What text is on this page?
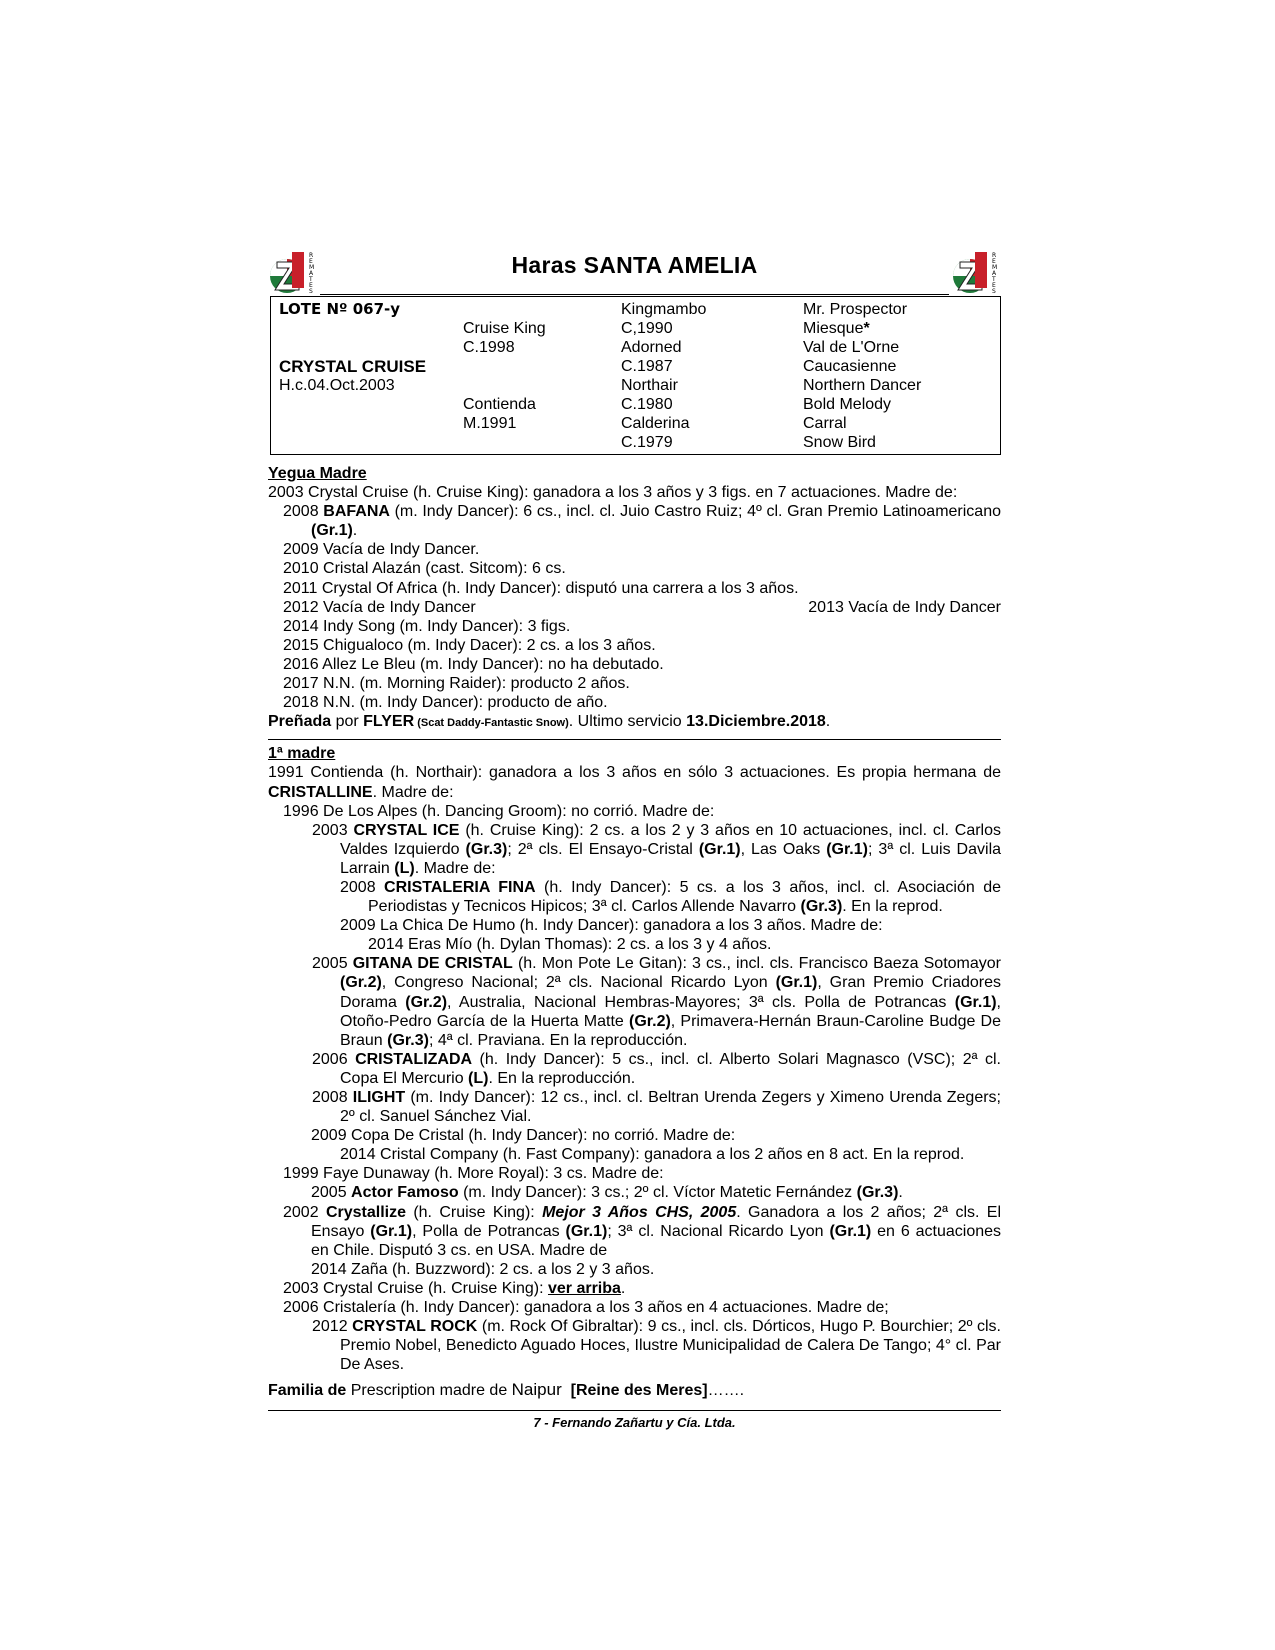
R
E
M
A
T
E
S
Haras SANTA AMELIA	R
E
M
A
T
E
S
LOTE Nº 067-y
CRYSTAL CRUISE
H.c.04.Oct.2003

Cruise King
C.1998

Contienda
M.1991
Kingmambo
C,1990
Adorned
C.1987
Northair
C.1980
Calderina
C.1979
Mr. Prospector
Miesque*
Val de L'Orne
Caucasienne
Northern Dancer
Bold Melody
Carral
Snow Bird
Yegua Madre
2003 Crystal Cruise (h. Cruise King): ganadora a los 3 años y 3 figs. en 7 actuaciones. Madre de:
2008 BAFANA (m. Indy Dancer): 6 cs., incl. cl. Juio Castro Ruiz; 4º cl. Gran Premio Latinoamericano (Gr.1).
2009 Vacía de Indy Dancer.
2010 Cristal Alazán (cast. Sitcom): 6 cs.
2011 Crystal Of Africa (h. Indy Dancer): disputó una carrera a los 3 años.
2012 Vacía de Indy Dancer	2013 Vacía de Indy Dancer
2014 Indy Song (m. Indy Dancer): 3 figs.
2015 Chigualoco (m. Indy Dacer): 2 cs. a los 3 años.
2016 Allez Le Bleu (m. Indy Dancer): no ha debutado.
2017 N.N. (m. Morning Raider): producto 2 años.
2018 N.N. (m. Indy Dancer): producto de año.
Preñada por FLYER (Scat Daddy-Fantastic Snow). Ultimo servicio 13.Diciembre.2018.
1ª madre
1991 Contienda (h. Northair): ganadora a los 3 años en sólo 3 actuaciones. Es propia hermana de CRISTALLINE. Madre de:
1996 De Los Alpes (h. Dancing Groom): no corrió. Madre de:
2003 CRYSTAL ICE (h. Cruise King): 2 cs. a los 2 y 3 años en 10 actuaciones, incl. cl. Carlos Valdes Izquierdo (Gr.3); 2ª cls. El Ensayo-Cristal (Gr.1), Las Oaks (Gr.1); 3ª cl. Luis Davila Larrain (L). Madre de:
2008 CRISTALERIA FINA (h. Indy Dancer): 5 cs. a los 3 años, incl. cl. Asociación de Periodistas y Tecnicos Hipicos; 3ª cl. Carlos Allende Navarro (Gr.3). En la reprod.
2009 La Chica De Humo (h. Indy Dancer): ganadora a los 3 años. Madre de:
2014 Eras Mío (h. Dylan Thomas): 2 cs. a los 3 y 4 años.
2005 GITANA DE CRISTAL (h. Mon Pote Le Gitan): 3 cs., incl. cls. Francisco Baeza Sotomayor (Gr.2), Congreso Nacional; 2ª cls. Nacional Ricardo Lyon (Gr.1), Gran Premio Criadores Dorama (Gr.2), Australia, Nacional Hembras-Mayores; 3ª cls. Polla de Potrancas (Gr.1), Otoño-Pedro García de la Huerta Matte (Gr.2), Primavera-Hernán Braun-Caroline Budge De Braun (Gr.3); 4ª cl. Praviana. En la reproducción.
2006 CRISTALIZADA (h. Indy Dancer): 5 cs., incl. cl. Alberto Solari Magnasco (VSC); 2ª cl. Copa El Mercurio (L). En la reproducción.
2008 ILIGHT (m. Indy Dancer): 12 cs., incl. cl. Beltran Urenda Zegers y Ximeno Urenda Zegers; 2º cl. Sanuel Sánchez Vial.
2009 Copa De Cristal (h. Indy Dancer): no corrió. Madre de:
2014 Cristal Company (h. Fast Company): ganadora a los 2 años en 8 act. En la reprod.
1999 Faye Dunaway (h. More Royal): 3 cs. Madre de:
2005 Actor Famoso (m. Indy Dancer): 3 cs.; 2º cl. Víctor Matetic Fernández (Gr.3).
2002 Crystallize (h. Cruise King): Mejor 3 Años CHS, 2005. Ganadora a los 2 años; 2ª cls. El Ensayo (Gr.1), Polla de Potrancas (Gr.1); 3ª cl. Nacional Ricardo Lyon (Gr.1) en 6 actuaciones en Chile. Disputó 3 cs. en USA. Madre de
2014 Zaña (h. Buzzword): 2 cs. a los 2 y 3 años.
2003 Crystal Cruise (h. Cruise King): ver arriba.
2006 Cristalería (h. Indy Dancer): ganadora a los 3 años en 4 actuaciones. Madre de;
2012 CRYSTAL ROCK (m. Rock Of Gibraltar): 9 cs., incl. cls. Dórticos, Hugo P. Bourchier; 2º cls. Premio Nobel, Benedicto Aguado Hoces, Ilustre Municipalidad de Calera De Tango; 4° cl. Par De Ases.
Familia de Prescription madre de Naipur [Reine des Meres]…….
7 - Fernando Zañartu y Cía. Ltda.
